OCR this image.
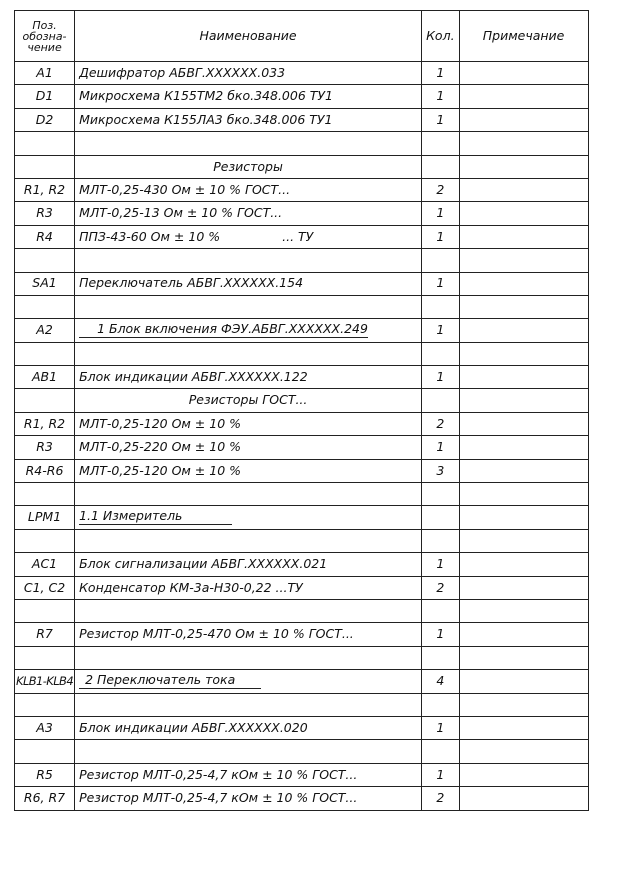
Поз. обозна-чение	Наименование	Кол.	Примечание
A1	Дешифратор АБВГ.XXXXXX.033	1	
D1	Микросхема К155ТМ2 бко.348.006 ТУ1	1	
D2	Микросхема К155ЛА3 бко.348.006 ТУ1	1	

	Резисторы		
R1, R2	МЛТ-0,25-430 Ом ± 10 % ГОСТ...	2	
R3	МЛТ-0,25-13 Ом ± 10 % ГОСТ...	1	
R4	ППЗ-43-60 Ом ± 10 % ... ТУ	1	

SA1	Переключатель АБВГ.XXXXXX.154	1	

A2	1 Блок включения ФЭУ.АБВГ.XXXXXX.249	1	

AB1	Блок индикации АБВГ.XXXXXX.122	1	
	Резисторы ГОСТ...		
R1, R2	МЛТ-0,25-120 Ом ± 10 %	2	
R3	МЛТ-0,25-220 Ом ± 10 %	1	
R4-R6	МЛТ-0,25-120 Ом ± 10 %	3	

LPM1	1.1 Измеритель		

AC1	Блок сигнализации АБВГ.XXXXXX.021	1	
C1, C2	Конденсатор КМ-3а-Н30-0,22 ...ТУ	2	

R7	Резистор МЛТ-0,25-470 Ом ± 10 % ГОСТ...	1	

KLB1-KLB4	2 Переключатель тока	4	

A3	Блок индикации АБВГ.XXXXXX.020	1	

R5	Резистор МЛТ-0,25-4,7 кОм ± 10 % ГОСТ...	1	
R6, R7	Резистор МЛТ-0,25-4,7 кОм ± 10 % ГОСТ...	2	
